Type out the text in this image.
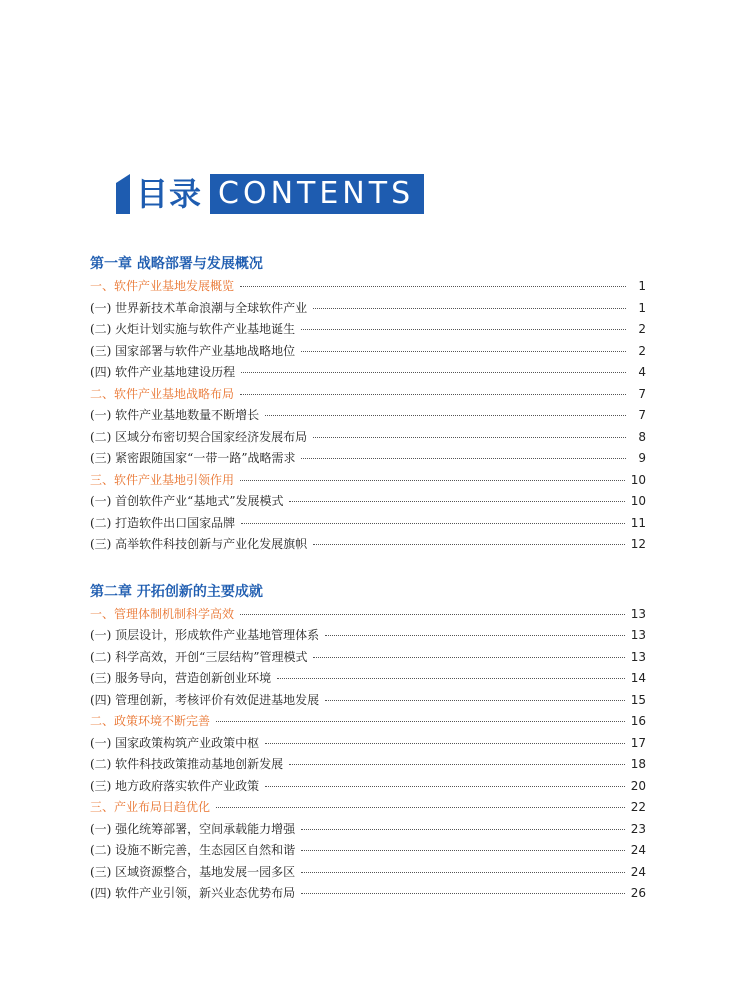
目录 CONTENTS
第一章 战略部署与发展概况
一、软件产业基地发展概览	1
(一) 世界新技术革命浪潮与全球软件产业	1
(二) 火炬计划实施与软件产业基地诞生	2
(三) 国家部署与软件产业基地战略地位	2
(四) 软件产业基地建设历程	4
二、软件产业基地战略布局	7
(一) 软件产业基地数量不断增长	7
(二) 区域分布密切契合国家经济发展布局	8
(三) 紧密跟随国家“一带一路”战略需求	9
三、软件产业基地引领作用	10
(一) 首创软件产业“基地式”发展模式	10
(二) 打造软件出口国家品牌	11
(三) 高举软件科技创新与产业化发展旗帜	12
第二章 开拓创新的主要成就
一、管理体制机制科学高效	13
(一) 顶层设计，形成软件产业基地管理体系	13
(二) 科学高效，开创“三层结构”管理模式	13
(三) 服务导向，营造创新创业环境	14
(四) 管理创新，考核评价有效促进基地发展	15
二、政策环境不断完善	16
(一) 国家政策构筑产业政策中枢	17
(二) 软件科技政策推动基地创新发展	18
(三) 地方政府落实软件产业政策	20
三、产业布局日趋优化	22
(一) 强化统筹部署，空间承载能力增强	23
(二) 设施不断完善，生态园区自然和谐	24
(三) 区域资源整合，基地发展一园多区	24
(四) 软件产业引领，新兴业态优势布局	26
